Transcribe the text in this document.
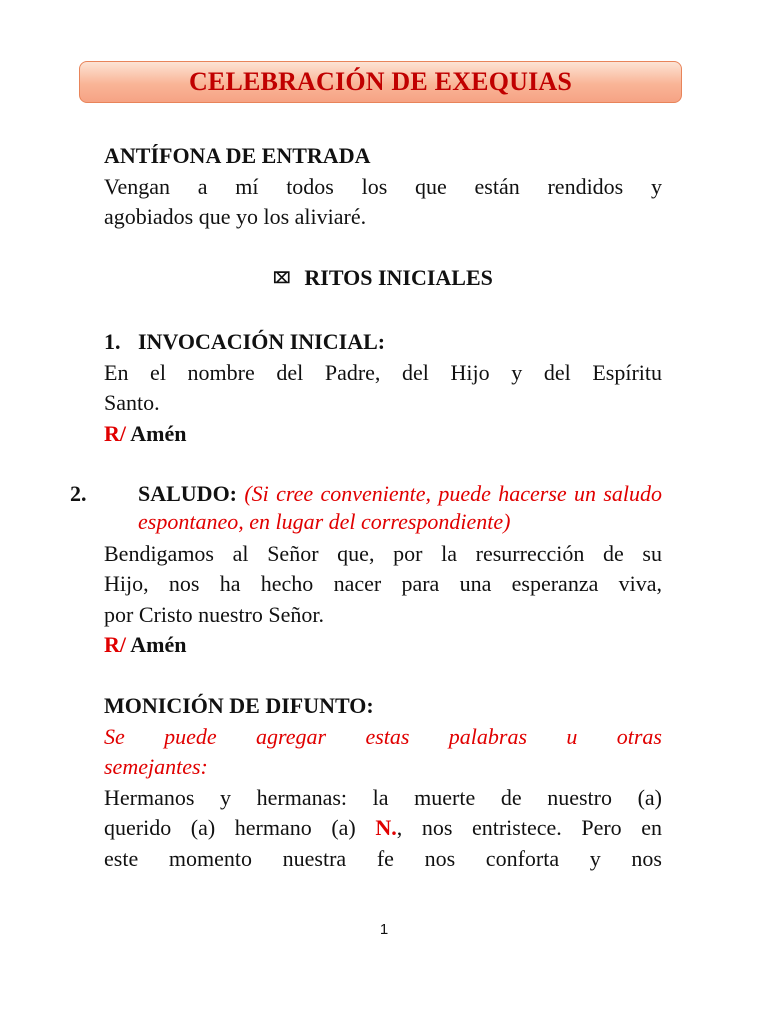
CELEBRACIÓN DE EXEQUIAS

ANTÍFONA DE ENTRADA

Vengan a mí todos los que están rendidos y

agobiados que yo los aliviaré.

⌧ RITOS INICIALES

1. INVOCACIÓN INICIAL:

En el nombre del Padre, del Hijo y del Espíritu

Santo.

R/ Amén

2. SALUDO: (Si cree conveniente, puede hacerse un saludo espontaneo, en lugar del correspondiente)

Bendigamos al Señor que, por la resurrección de su

Hijo, nos ha hecho nacer para una esperanza viva,

por Cristo nuestro Señor.

R/ Amén

MONICIÓN DE DIFUNTO:

Se puede agregar estas palabras u otras

semejantes:

Hermanos y hermanas: la muerte de nuestro (a)

querido (a) hermano (a) N., nos entristece. Pero en

este momento nuestra fe nos conforta y nos

1
